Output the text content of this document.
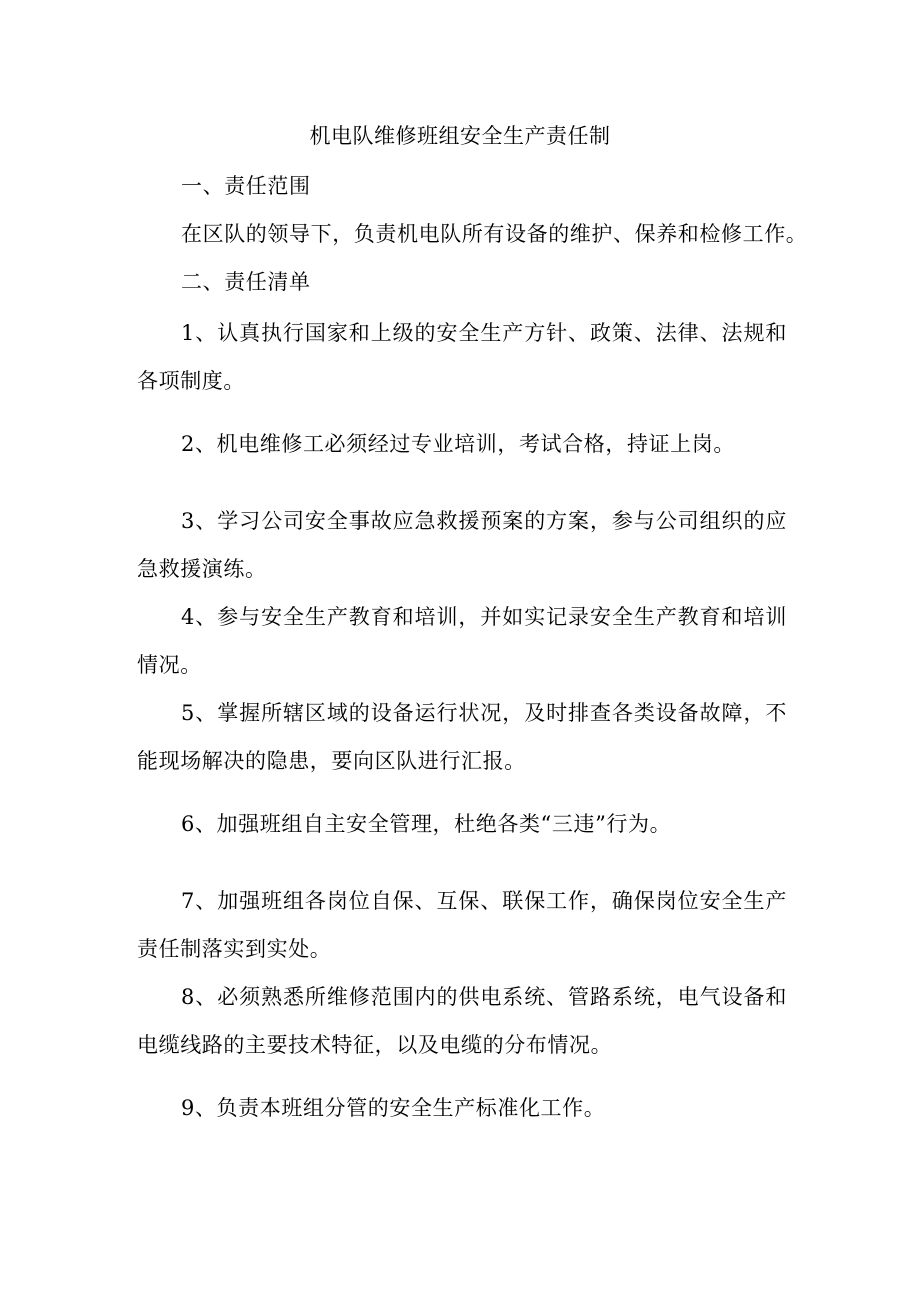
机电队维修班组安全生产责任制
一、责任范围
在区队的领导下，负责机电队所有设备的维护、保养和检修工作。
二、责任清单
1、认真执行国家和上级的安全生产方针、政策、法律、法规和各项制度。
2、机电维修工必须经过专业培训，考试合格，持证上岗。
3、学习公司安全事故应急救援预案的方案，参与公司组织的应急救援演练。
4、参与安全生产教育和培训，并如实记录安全生产教育和培训情况。
5、掌握所辖区域的设备运行状况，及时排查各类设备故障，不能现场解决的隐患，要向区队进行汇报。
6、加强班组自主安全管理，杜绝各类“三违”行为。
7、加强班组各岗位自保、互保、联保工作，确保岗位安全生产责任制落实到实处。
8、必须熟悉所维修范围内的供电系统、管路系统，电气设备和电缆线路的主要技术特征，以及电缆的分布情况。
9、负责本班组分管的安全生产标准化工作。
